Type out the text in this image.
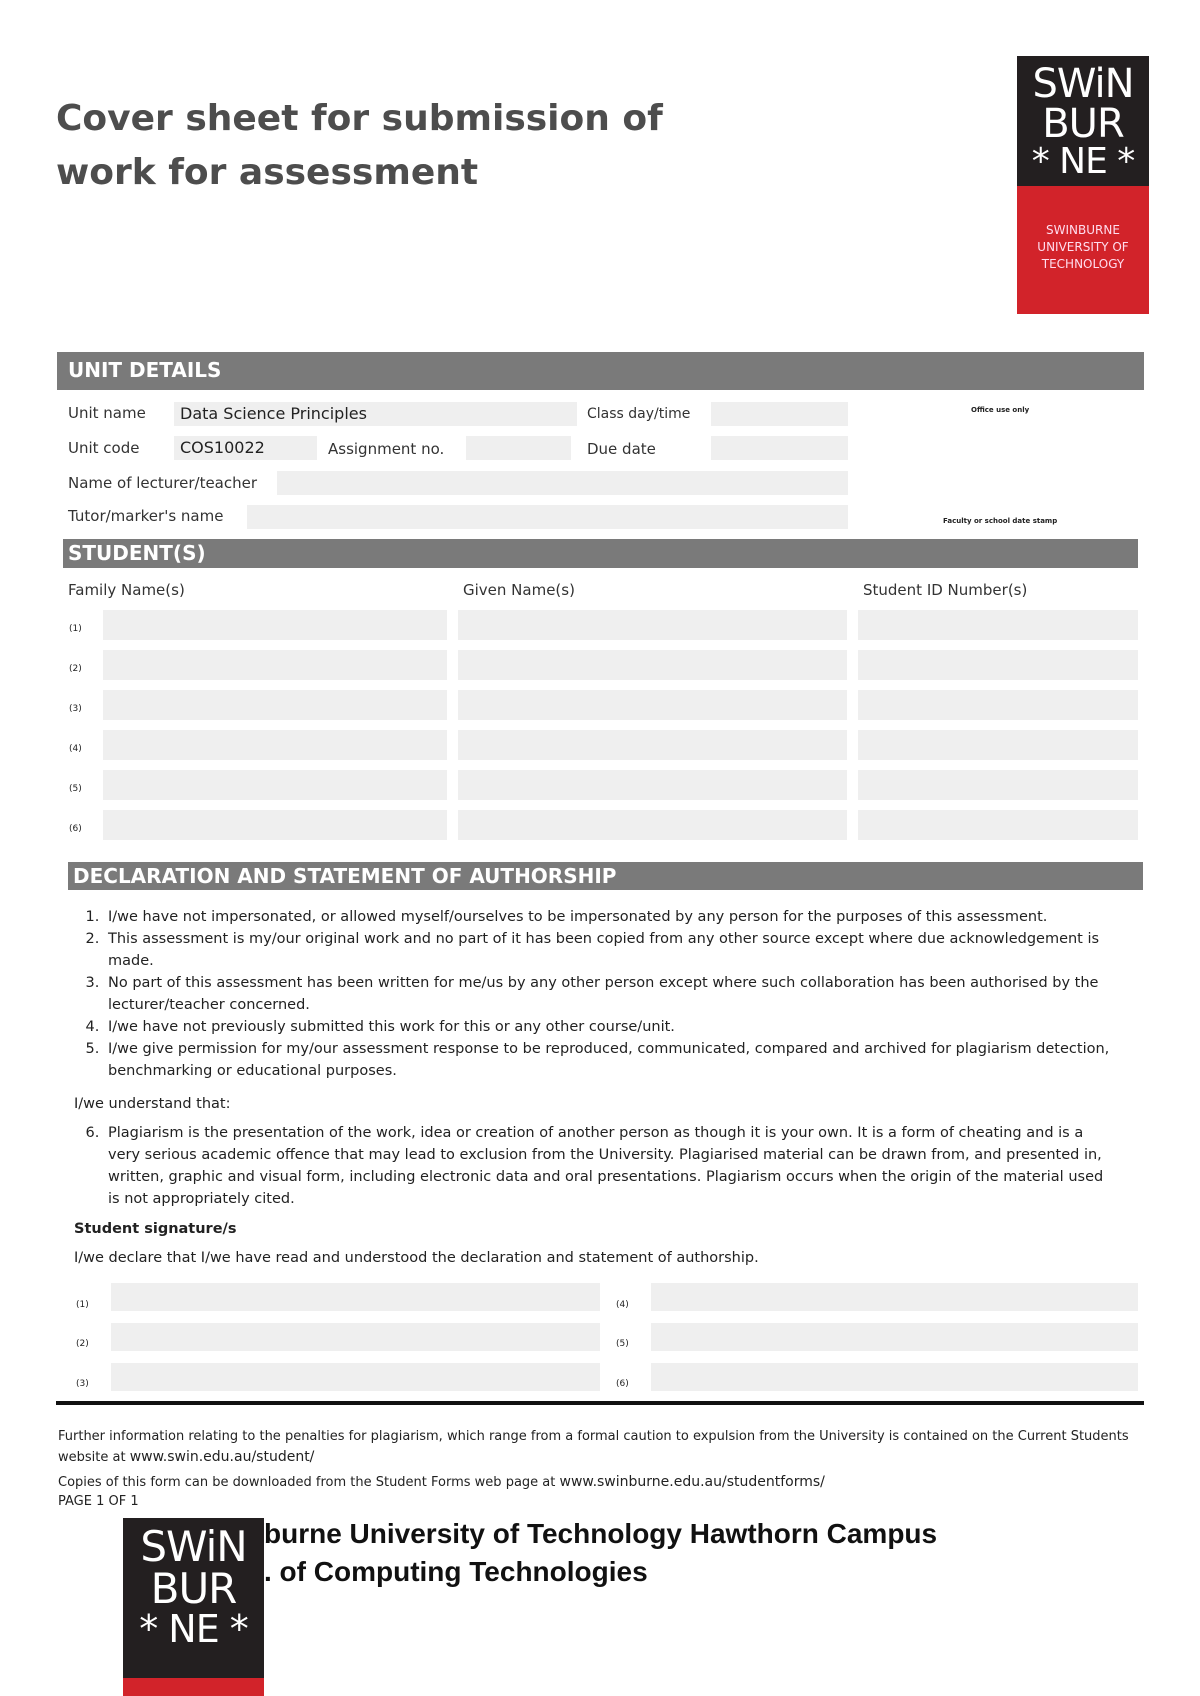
Cover sheet for submission of
work for assessment
SWiN
BUR
* NE *
SWINBURNE
UNIVERSITY OF
TECHNOLOGY
UNIT DETAILS
Unit name	Data Science Principles	Class day/time	Office use only
Unit code	COS10022	Assignment no.	Due date
Name of lecturer/teacher
Tutor/marker's name	Faculty or school date stamp
STUDENT(S)
Family Name(s)	Given Name(s)	Student ID Number(s)
(1)
(2)
(3)
(4)
(5)
(6)
DECLARATION AND STATEMENT OF AUTHORSHIP
1. I/we have not impersonated, or allowed myself/ourselves to be impersonated by any person for the purposes of this assessment.
2. This assessment is my/our original work and no part of it has been copied from any other source except where due acknowledgement is made.
3. No part of this assessment has been written for me/us by any other person except where such collaboration has been authorised by the lecturer/teacher concerned.
4. I/we have not previously submitted this work for this or any other course/unit.
5. I/we give permission for my/our assessment response to be reproduced, communicated, compared and archived for plagiarism detection, benchmarking or educational purposes.

I/we understand that:

6. Plagiarism is the presentation of the work, idea or creation of another person as though it is your own. It is a form of cheating and is a very serious academic offence that may lead to exclusion from the University. Plagiarised material can be drawn from, and presented in, written, graphic and visual form, including electronic data and oral presentations. Plagiarism occurs when the origin of the material used is not appropriately cited.

Student signature/s

I/we declare that I/we have read and understood the declaration and statement of authorship.

(1)	(4)
(2)	(5)
(3)	(6)
Further information relating to the penalties for plagiarism, which range from a formal caution to expulsion from the University is contained on the Current Students website at www.swin.edu.au/student/
Copies of this form can be downloaded from the Student Forms web page at www.swinburne.edu.au/studentforms/
PAGE 1 OF 1
burne University of Technology Hawthorn Campus
. of Computing Technologies
SWiN
BUR
* NE *
